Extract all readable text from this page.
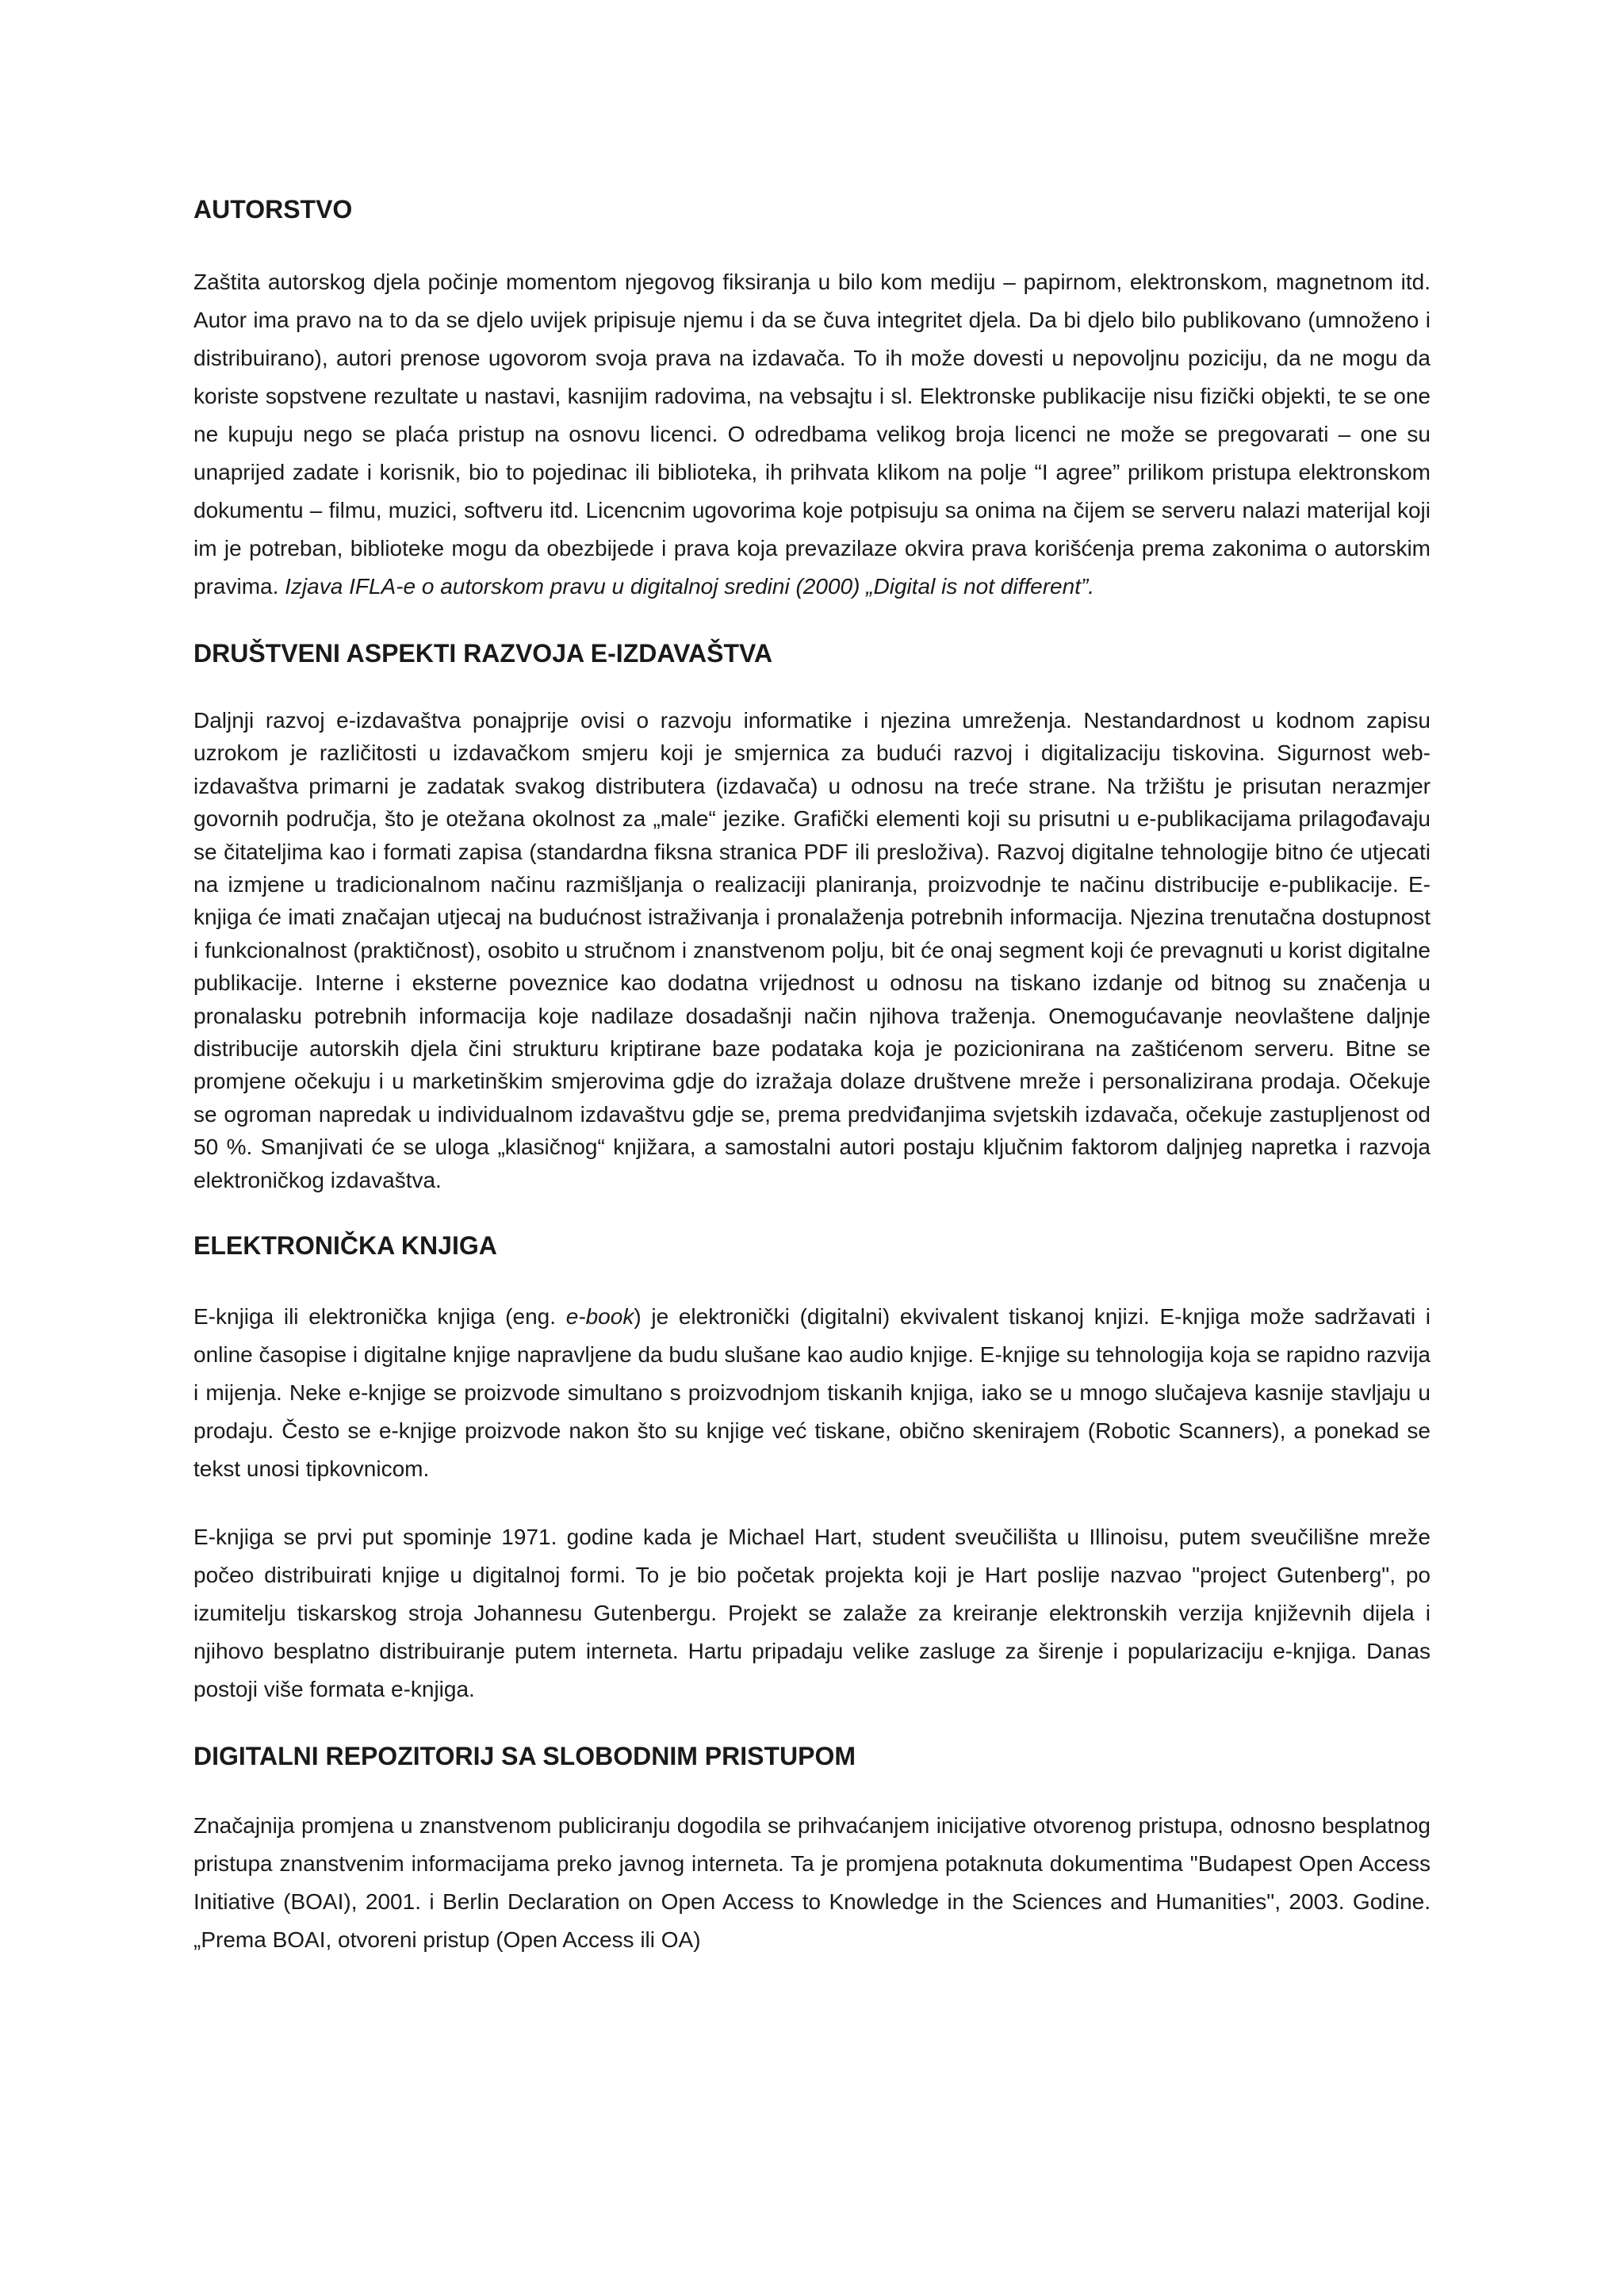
AUTORSTVO

Zaštita autorskog djela počinje momentom njegovog fiksiranja u bilo kom mediju – papirnom, elektronskom, magnetnom itd. Autor ima pravo na to da se djelo uvijek pripisuje njemu i da se čuva integritet djela. Da bi djelo bilo publikovano (umnoženo i distribuirano), autori prenose ugovorom svoja prava na izdavača. To ih može dovesti u nepovoljnu poziciju, da ne mogu da koriste sopstvene rezultate u nastavi, kasnijim radovima, na vebsajtu i sl. Elektronske publikacije nisu fizički objekti, te se one ne kupuju nego se plaća pristup na osnovu licenci. O odredbama velikog broja licenci ne može se pregovarati – one su unaprijed zadate i korisnik, bio to pojedinac ili biblioteka, ih prihvata klikom na polje “I agree” prilikom pristupa elektronskom dokumentu – filmu, muzici, softveru itd. Licencnim ugovorima koje potpisuju sa onima na čijem se serveru nalazi materijal koji im je potreban, biblioteke mogu da obezbijede i prava koja prevazilaze okvira prava korišćenja prema zakonima o autorskim pravima. Izjava IFLA-e o autorskom pravu u digitalnoj sredini (2000) „Digital is not different”.

DRUŠTVENI ASPEKTI RAZVOJA E-IZDAVAŠTVA

Daljnji razvoj e-izdavaštva ponajprije ovisi o razvoju informatike i njezina umreženja. Nestandardnost u kodnom zapisu uzrokom je različitosti u izdavačkom smjeru koji je smjernica za budući razvoj i digitalizaciju tiskovina. Sigurnost web-izdavaštva primarni je zadatak svakog distributera (izdavača) u odnosu na treće strane. Na tržištu je prisutan nerazmjer govornih područja, što je otežana okolnost za „male“ jezike. Grafički elementi koji su prisutni u e-publikacijama prilagođavaju se čitateljima kao i formati zapisa (standardna fiksna stranica PDF ili presloživa). Razvoj digitalne tehnologije bitno će utjecati na izmjene u tradicionalnom načinu razmišljanja o realizaciji planiranja, proizvodnje te načinu distribucije e-publikacije. E-knjiga će imati značajan utjecaj na budućnost istraživanja i pronalaženja potrebnih informacija. Njezina trenutačna dostupnost i funkcionalnost (praktičnost), osobito u stručnom i znanstvenom polju, bit će onaj segment koji će prevagnuti u korist digitalne publikacije. Interne i eksterne poveznice kao dodatna vrijednost u odnosu na tiskano izdanje od bitnog su značenja u pronalasku potrebnih informacija koje nadilaze dosadašnji način njihova traženja. Onemogućavanje neovlaštene daljnje distribucije autorskih djela čini strukturu kriptirane baze podataka koja je pozicionirana na zaštićenom serveru. Bitne se promjene očekuju i u marketinškim smjerovima gdje do izražaja dolaze društvene mreže i personalizirana prodaja. Očekuje se ogroman napredak u individualnom izdavaštvu gdje se, prema predviđanjima svjetskih izdavača, očekuje zastupljenost od 50 %. Smanjivati će se uloga „klasičnog“ knjižara, a samostalni autori postaju ključnim faktorom daljnjeg napretka i razvoja elektroničkog izdavaštva.

ELEKTRONIČKA KNJIGA

E-knjiga ili elektronička knjiga (eng. e-book) je elektronički (digitalni) ekvivalent tiskanoj knjizi. E-knjiga može sadržavati i online časopise i digitalne knjige napravljene da budu slušane kao audio knjige. E-knjige su tehnologija koja se rapidno razvija i mijenja. Neke e-knjige se proizvode simultano s proizvodnjom tiskanih knjiga, iako se u mnogo slučajeva kasnije stavljaju u prodaju. Često se e-knjige proizvode nakon što su knjige već tiskane, obično skenirajem (Robotic Scanners), a ponekad se tekst unosi tipkovnicom.

E-knjiga se prvi put spominje 1971. godine kada je Michael Hart, student sveučilišta u Illinoisu, putem sveučilišne mreže počeo distribuirati knjige u digitalnoj formi. To je bio početak projekta koji je Hart poslije nazvao "project Gutenberg", po izumitelju tiskarskog stroja Johannesu Gutenbergu. Projekt se zalaže za kreiranje elektronskih verzija književnih dijela i njihovo besplatno distribuiranje putem interneta. Hartu pripadaju velike zasluge za širenje i popularizaciju e-knjiga. Danas postoji više formata e-knjiga.

DIGITALNI REPOZITORIJ SA SLOBODNIM PRISTUPOM

Značajnija promjena u znanstvenom publiciranju dogodila se prihvaćanjem inicijative otvorenog pristupa, odnosno besplatnog pristupa znanstvenim informacijama preko javnog interneta. Ta je promjena potaknuta dokumentima "Budapest Open Access Initiative (BOAI), 2001. i Berlin Declaration on Open Access to Knowledge in the Sciences and Humanities", 2003. Godine. „Prema BOAI, otvoreni pristup (Open Access ili OA)
